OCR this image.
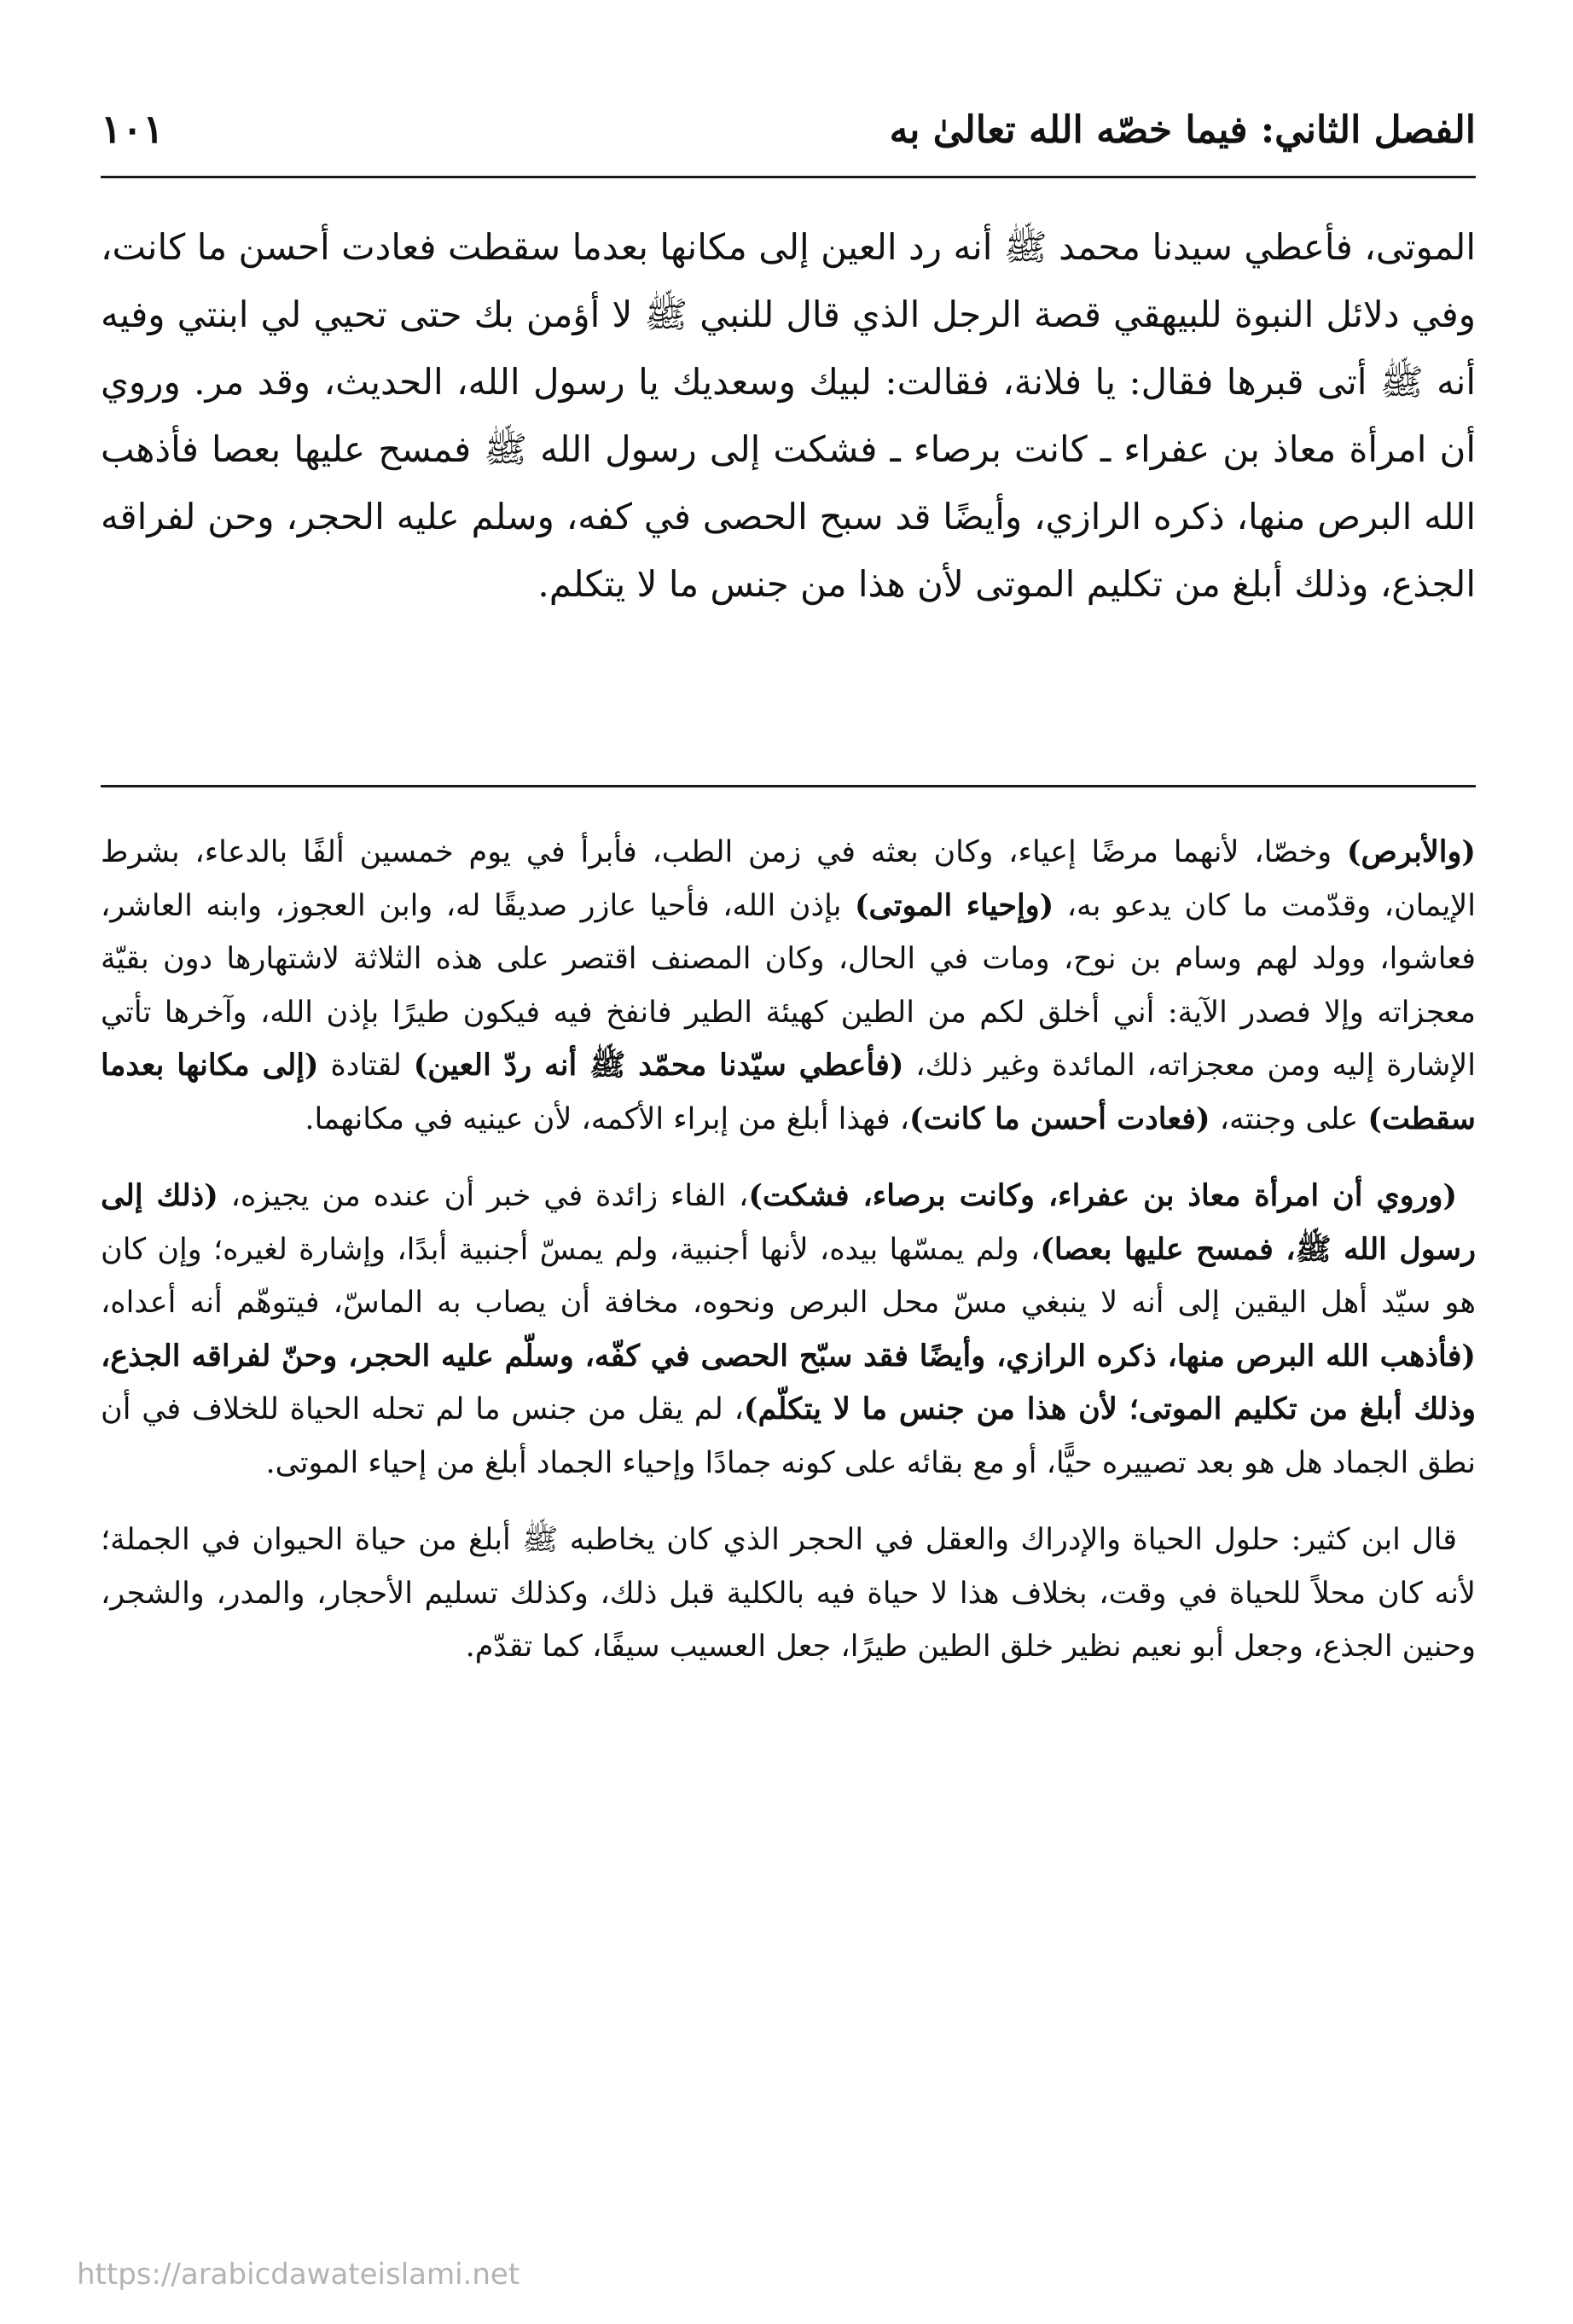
الفصل الثاني: فيما خصّه الله تعالىٰ به
١٠١
الموتى، فأعطي سيدنا محمد ﷺ أنه رد العين إلى مكانها بعدما سقطت فعادت أحسن ما كانت، وفي دلائل النبوة للبيهقي قصة الرجل الذي قال للنبي ﷺ لا أؤمن بك حتى تحيي لي ابنتي وفيه أنه ﷺ أتى قبرها فقال: يا فلانة، فقالت: لبيك وسعديك يا رسول الله، الحديث، وقد مر. وروي أن امرأة معاذ بن عفراء ـ كانت برصاء ـ فشكت إلى رسول الله ﷺ فمسح عليها بعصا فأذهب الله البرص منها، ذكره الرازي، وأيضًا قد سبح الحصى في كفه، وسلم عليه الحجر، وحن لفراقه الجذع، وذلك أبلغ من تكليم الموتى لأن هذا من جنس ما لا يتكلم.

(والأبرص) وخصّا، لأنهما مرضًا إعياء، وكان بعثه في زمن الطب، فأبرأ في يوم خمسين ألفًا بالدعاء، بشرط الإيمان، وقدّمت ما كان يدعو به، (وإحياء الموتى) بإذن الله، فأحيا عازر صديقًا له، وابن العجوز، وابنه العاشر، فعاشوا، وولد لهم وسام بن نوح، ومات في الحال، وكان المصنف اقتصر على هذه الثلاثة لاشتهارها دون بقيّة معجزاته وإلا فصدر الآية: أني أخلق لكم من الطين كهيئة الطير فانفخ فيه فيكون طيرًا بإذن الله، وآخرها تأتي الإشارة إليه ومن معجزاته، المائدة وغير ذلك، (فأعطي سيّدنا محمّد ﷺ أنه ردّ العين) لقتادة (إلى مكانها بعدما سقطت) على وجنته، (فعادت أحسن ما كانت)، فهذا أبلغ من إبراء الأكمه، لأن عينيه في مكانهما.

(وروي أن امرأة معاذ بن عفراء، وكانت برصاء، فشكت)، الفاء زائدة في خبر أن عنده من يجيزه، (ذلك إلى رسول الله ﷺ، فمسح عليها بعصا)، ولم يمسّها بيده، لأنها أجنبية، ولم يمسّ أجنبية أبدًا، وإشارة لغيره؛ وإن كان هو سيّد أهل اليقين إلى أنه لا ينبغي مسّ محل البرص ونحوه، مخافة أن يصاب به الماسّ، فيتوهّم أنه أعداه، (فأذهب الله البرص منها، ذكره الرازي، وأيضًا فقد سبّح الحصى في كفّه، وسلّم عليه الحجر، وحنّ لفراقه الجذع، وذلك أبلغ من تكليم الموتى؛ لأن هذا من جنس ما لا يتكلّم)، لم يقل من جنس ما لم تحله الحياة للخلاف في أن نطق الجماد هل هو بعد تصييره حيًّا، أو مع بقائه على كونه جمادًا وإحياء الجماد أبلغ من إحياء الموتى.

قال ابن كثير: حلول الحياة والإدراك والعقل في الحجر الذي كان يخاطبه ﷺ أبلغ من حياة الحيوان في الجملة؛ لأنه كان محلاً للحياة في وقت، بخلاف هذا لا حياة فيه بالكلية قبل ذلك، وكذلك تسليم الأحجار، والمدر، والشجر، وحنين الجذع، وجعل أبو نعيم نظير خلق الطين طيرًا، جعل العسيب سيفًا، كما تقدّم.

https://arabicdawateislami.net
